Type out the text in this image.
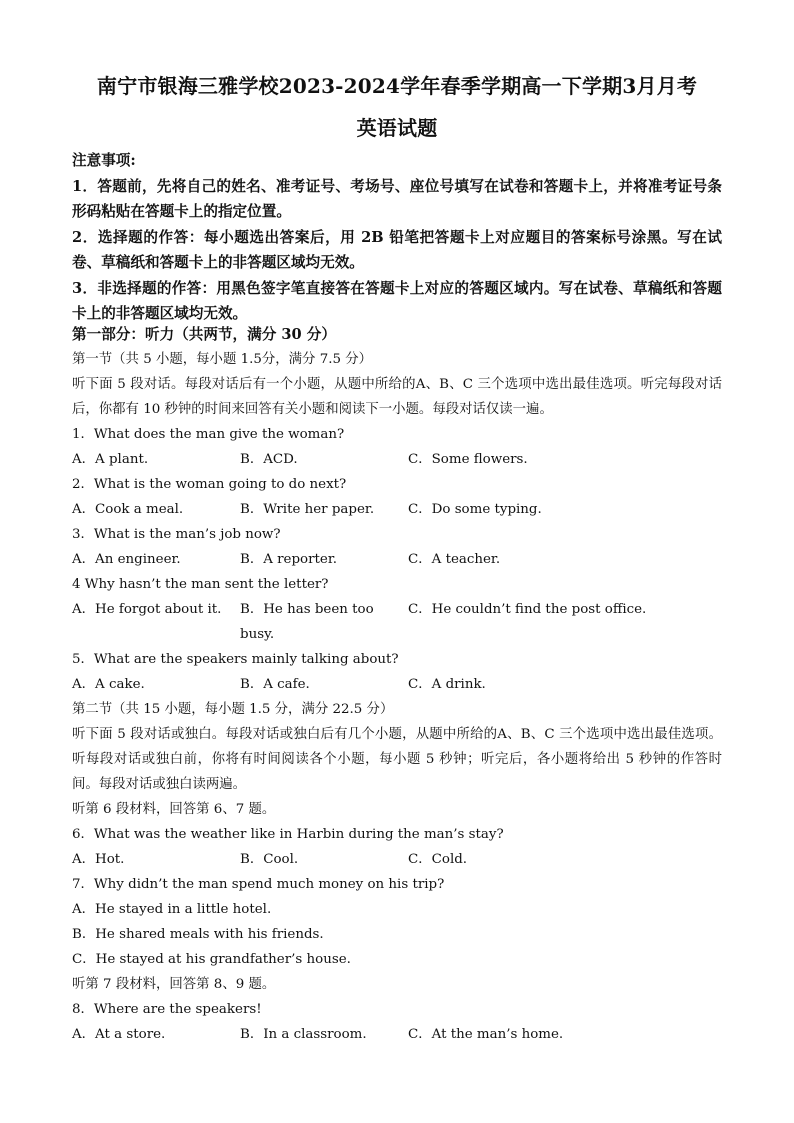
南宁市银海三雅学校2023-2024学年春季学期高一下学期3月月考
英语试题

注意事项:

1．答题前，先将自己的姓名、准考证号、考场号、座位号填写在试卷和答题卡上，并将准考证号条形码粘贴在答题卡上的指定位置。

2．选择题的作答：每小题选出答案后，用 2B 铅笔把答题卡上对应题目的答案标号涂黑。写在试卷、草稿纸和答题卡上的非答题区域均无效。

3．非选择题的作答：用黑色签字笔直接答在答题卡上对应的答题区域内。写在试卷、草稿纸和答题卡上的非答题区域均无效。

第一部分：听力（共两节，满分 30 分）

第一节（共 5 小题，每小题 1.5分，满分 7.5 分）

听下面 5 段对话。每段对话后有一个小题，从题中所给的A、B、C 三个选项中选出最佳选项。听完每段对话后，你都有 10 秒钟的时间来回答有关小题和阅读下一小题。每段对话仅读一遍。

1．What does the man give the woman?

A．A plant.	B．ACD.	C．Some flowers.

2．What is the woman going to do next?

A．Cook a meal.	B．Write her paper.	C．Do some typing.

3．What is the man’s job now?

A．An engineer.	B．A reporter.	C．A teacher.

4 Why hasn’t the man sent the letter?

A．He forgot about it.	B．He has been too busy.
C．He couldn’t find the post office.

5．What are the speakers mainly talking about?

A．A cake.	B．A cafe.	C．A drink.

第二节（共 15 小题，每小题 1.5 分，满分 22.5 分）

听下面 5 段对话或独白。每段对话或独白后有几个小题，从题中所给的A、B、C 三个选项中选出最佳选项。听每段对话或独白前，你将有时间阅读各个小题，每小题 5 秒钟；听完后，各小题将给出 5 秒钟的作答时间。每段对话或独白读两遍。

听第 6 段材料，回答第 6、7 题。

6．What was the weather like in Harbin during the man’s stay?

A．Hot.	B．Cool.	C．Cold.

7．Why didn’t the man spend much money on his trip?

A．He stayed in a little hotel.

B．He shared meals with his friends.

C．He stayed at his grandfather’s house.

听第 7 段材料，回答第 8、9 题。

8．Where are the speakers!

A．At a store.	B．In a classroom.	C．At the man’s home.
